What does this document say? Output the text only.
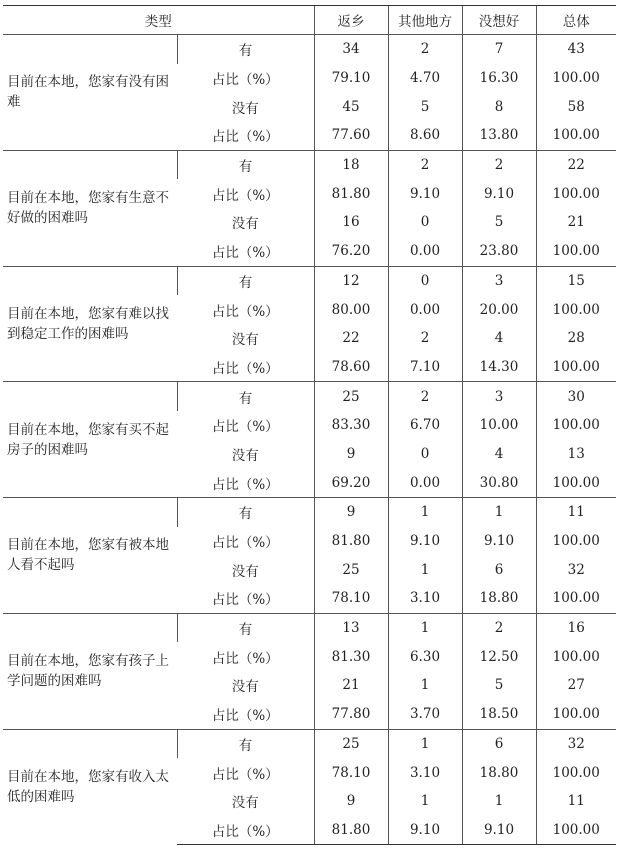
类型		返乡	其他地方	没想好	总体
目前在本地，您家有没有困难	有	34	2	7	43
	占比（%）	79.10	4.70	16.30	100.00
	没有	45	5	8	58
	占比（%）	77.60	8.60	13.80	100.00
目前在本地，您家有生意不好做的困难吗	有	18	2	2	22
	占比（%）	81.80	9.10	9.10	100.00
	没有	16	0	5	21
	占比（%）	76.20	0.00	23.80	100.00
目前在本地，您家有难以找到稳定工作的困难吗	有	12	0	3	15
	占比（%）	80.00	0.00	20.00	100.00
	没有	22	2	4	28
	占比（%）	78.60	7.10	14.30	100.00
目前在本地，您家有买不起房子的困难吗	有	25	2	3	30
	占比（%）	83.30	6.70	10.00	100.00
	没有	9	0	4	13
	占比（%）	69.20	0.00	30.80	100.00
目前在本地，您家有被本地人看不起吗	有	9	1	1	11
	占比（%）	81.80	9.10	9.10	100.00
	没有	25	1	6	32
	占比（%）	78.10	3.10	18.80	100.00
目前在本地，您家有孩子上学问题的困难吗	有	13	1	2	16
	占比（%）	81.30	6.30	12.50	100.00
	没有	21	1	5	27
	占比（%）	77.80	3.70	18.50	100.00
目前在本地，您家有收入太低的困难吗	有	25	1	6	32
	占比（%）	78.10	3.10	18.80	100.00
	没有	9	1	1	11
	占比（%）	81.80	9.10	9.10	100.00
